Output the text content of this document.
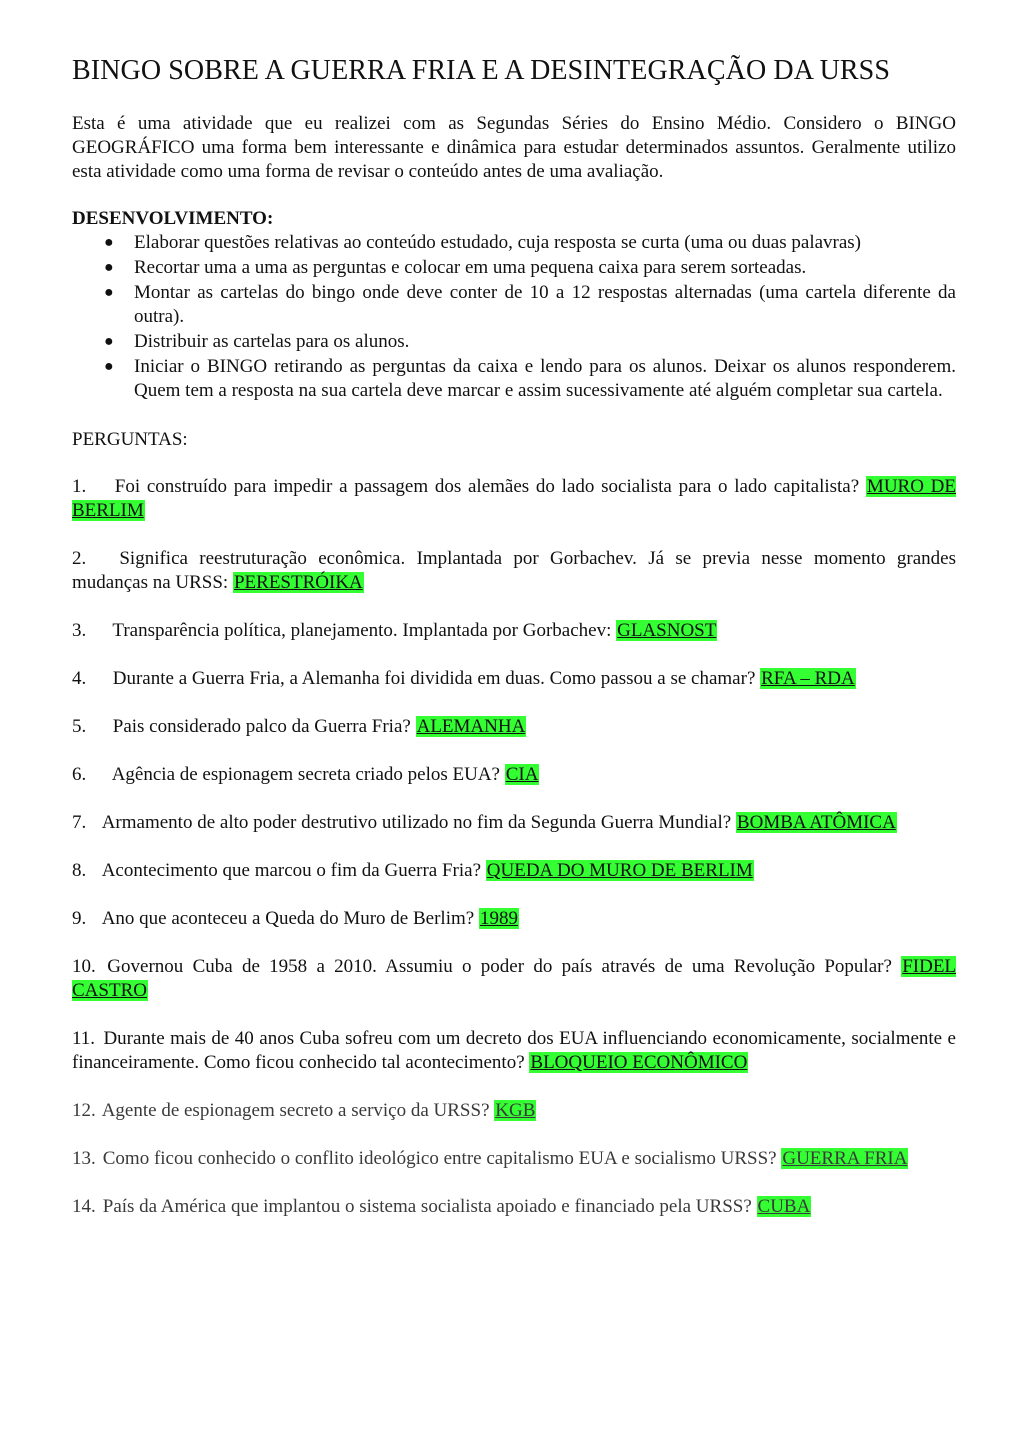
BINGO SOBRE A GUERRA FRIA E A DESINTEGRAÇÃO DA URSS

Esta é uma atividade que eu realizei com as Segundas Séries do Ensino Médio. Considero o BINGO GEOGRÁFICO uma forma bem interessante e dinâmica para estudar determinados assuntos. Geralmente utilizo esta atividade como uma forma de revisar o conteúdo antes de uma avaliação.

DESENVOLVIMENTO:

● Elaborar questões relativas ao conteúdo estudado, cuja resposta se curta (uma ou duas palavras)
● Recortar uma a uma as perguntas e colocar em uma pequena caixa para serem sorteadas.
● Montar as cartelas do bingo onde deve conter de 10 a 12 respostas alternadas (uma cartela diferente da outra).
● Distribuir as cartelas para os alunos.
● Iniciar o BINGO retirando as perguntas da caixa e lendo para os alunos. Deixar os alunos responderem. Quem tem a resposta na sua cartela deve marcar e assim sucessivamente até alguém completar sua cartela.

PERGUNTAS:

1. Foi construído para impedir a passagem dos alemães do lado socialista para o lado capitalista? MURO DE BERLIM

2. Significa reestruturação econômica. Implantada por Gorbachev. Já se previa nesse momento grandes mudanças na URSS: PERESTRÓIKA

3. Transparência política, planejamento. Implantada por Gorbachev: GLASNOST

4. Durante a Guerra Fria, a Alemanha foi dividida em duas. Como passou a se chamar? RFA – RDA

5. Pais considerado palco da Guerra Fria? ALEMANHA

6. Agência de espionagem secreta criado pelos EUA? CIA

7. Armamento de alto poder destrutivo utilizado no fim da Segunda Guerra Mundial? BOMBA ATÔMICA

8. Acontecimento que marcou o fim da Guerra Fria? QUEDA DO MURO DE BERLIM

9. Ano que aconteceu a Queda do Muro de Berlim? 1989

10. Governou Cuba de 1958 a 2010. Assumiu o poder do país através de uma Revolução Popular? FIDEL CASTRO

11. Durante mais de 40 anos Cuba sofreu com um decreto dos EUA influenciando economicamente, socialmente e financeiramente. Como ficou conhecido tal acontecimento? BLOQUEIO ECONÔMICO

12. Agente de espionagem secreto a serviço da URSS? KGB

13. Como ficou conhecido o conflito ideológico entre capitalismo EUA e socialismo URSS? GUERRA FRIA

14. País da América que implantou o sistema socialista apoiado e financiado pela URSS? CUBA
